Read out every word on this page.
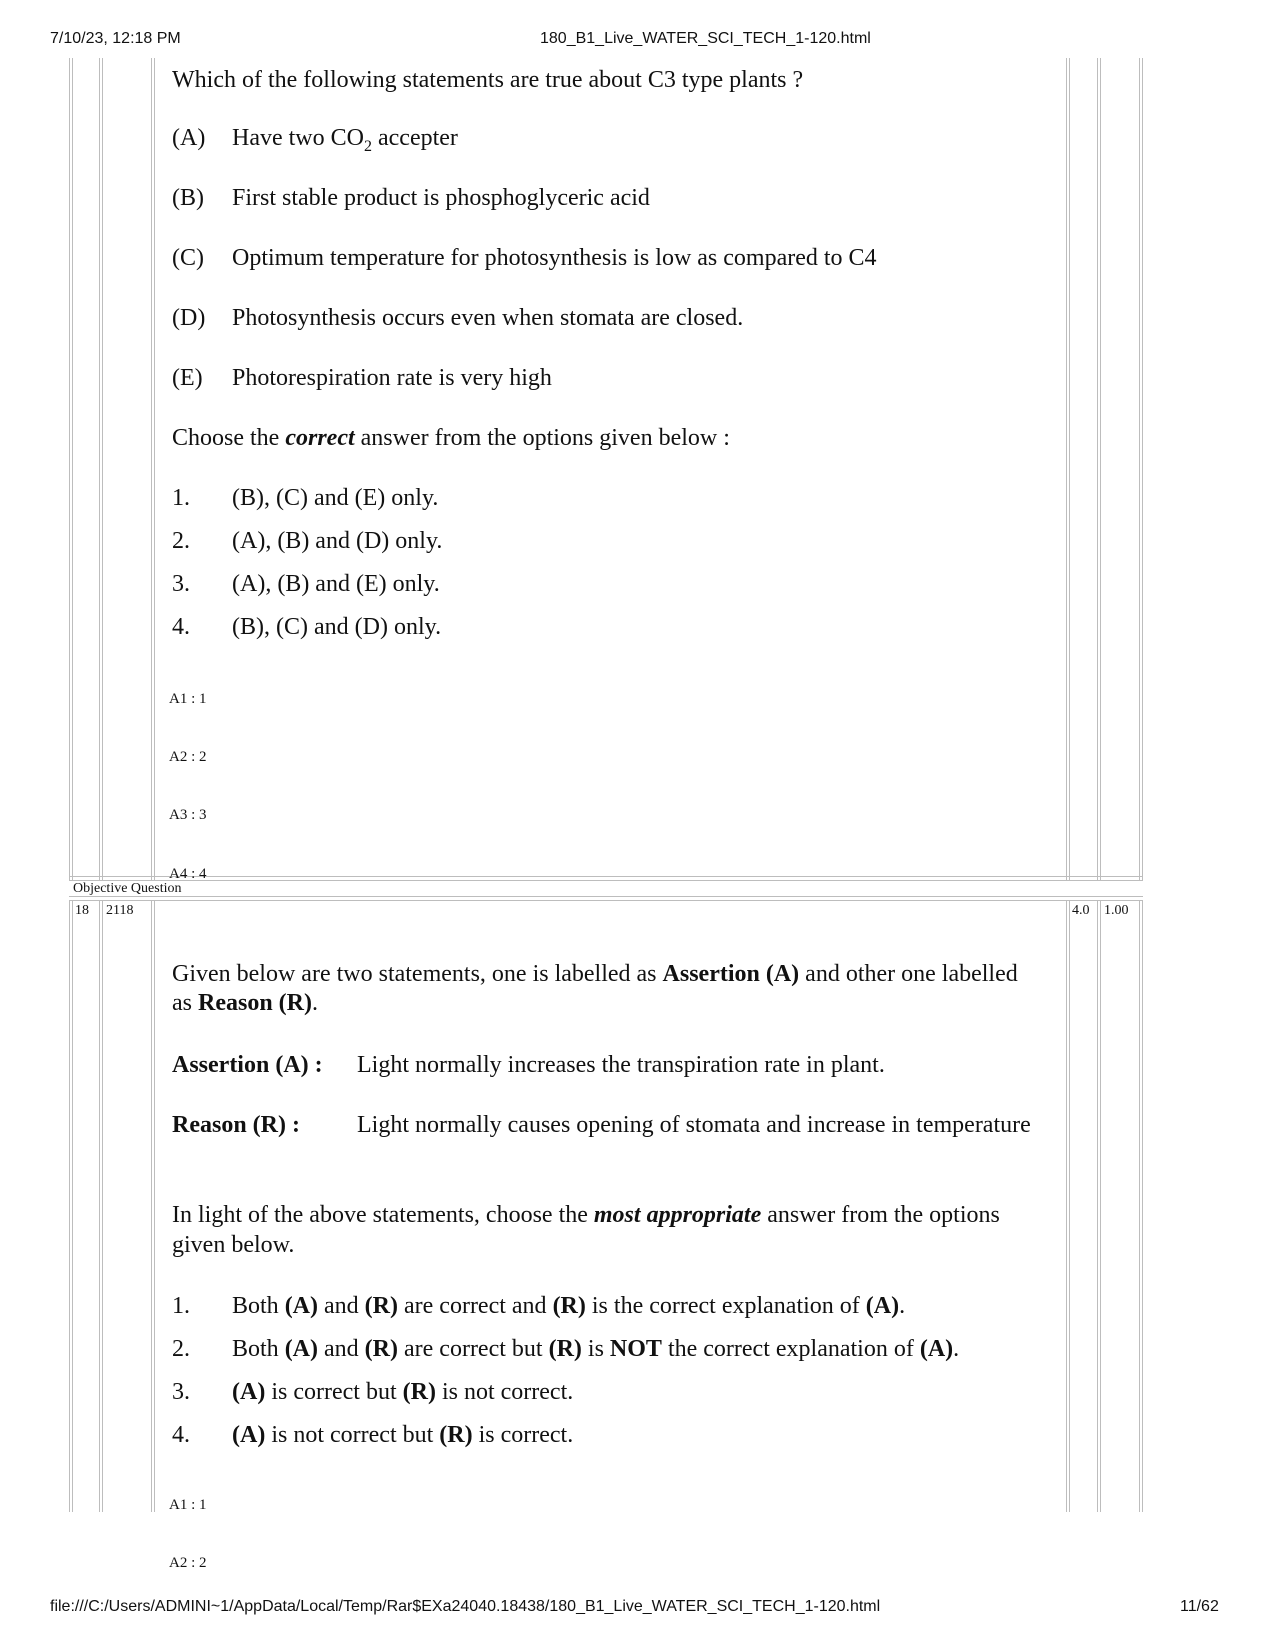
7/10/23, 12:18 PM	180_B1_Live_WATER_SCI_TECH_1-120.html
Which of the following statements are true about C3 type plants ?
(A) Have two $CO_2$ accepter
(B) First stable product is phosphoglyceric acid
(C) Optimum temperature for photosynthesis is low as compared to C4
(D) Photosynthesis occurs even when stomata are closed.
(E) Photorespiration rate is very high
Choose the correct answer from the options given below :
1. (B), (C) and (E) only.
2. (A), (B) and (D) only.
3. (A), (B) and (E) only.
4. (B), (C) and (D) only.
A1 : 1
A2 : 2
A3 : 3
A4 : 4
Objective Question
18 2118	4.0 1.00
Given below are two statements, one is labelled as Assertion (A) and other one labelled
as Reason (R).
Assertion (A) : Light normally increases the transpiration rate in plant.
Reason (R) : Light normally causes opening of stomata and increase in temperature
In light of the above statements, choose the most appropriate answer from the options
given below.
1. Both (A) and (R) are correct and (R) is the correct explanation of (A).
2. Both (A) and (R) are correct but (R) is NOT the correct explanation of (A).
3. (A) is correct but (R) is not correct.
4. (A) is not correct but (R) is correct.
A1 : 1
A2 : 2
file:///C:/Users/ADMINI~1/AppData/Local/Temp/Rar$EXa24040.18438/180_B1_Live_WATER_SCI_TECH_1-120.html	11/62
